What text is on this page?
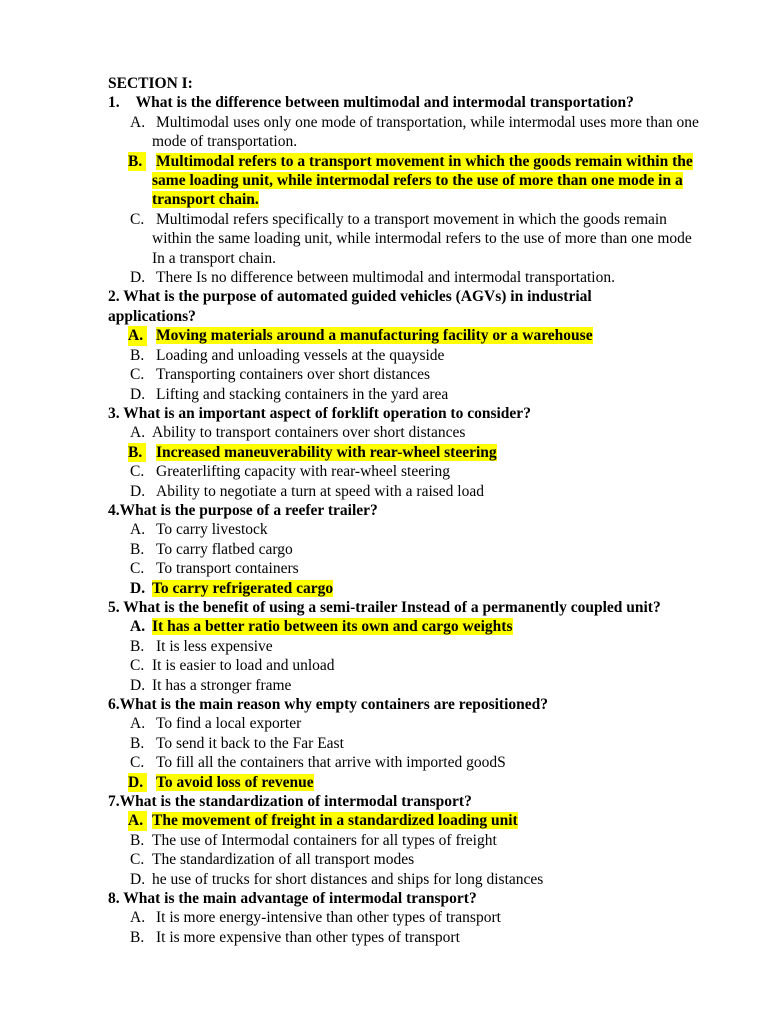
SECTION I:
1. What is the difference between multimodal and intermodal transportation?
A. Multimodal uses only one mode of transportation, while intermodal uses more than one mode of transportation.
B. Multimodal refers to a transport movement in which the goods remain within the same loading unit, while intermodal refers to the use of more than one mode in a transport chain.
C. Multimodal refers specifically to a transport movement in which the goods remain within the same loading unit, while intermodal refers to the use of more than one mode In a transport chain.
D. There Is no difference between multimodal and intermodal transportation.
2. What is the purpose of automated guided vehicles (AGVs) in industrial applications?
A. Moving materials around a manufacturing facility or a warehouse
B. Loading and unloading vessels at the quayside
C. Transporting containers over short distances
D. Lifting and stacking containers in the yard area
3. What is an important aspect of forklift operation to consider?
A. Ability to transport containers over short distances
B. Increased maneuverability with rear-wheel steering
C. Greaterlifting capacity with rear-wheel steering
D. Ability to negotiate a turn at speed with a raised load
4.What is the purpose of a reefer trailer?
A. To carry livestock
B. To carry flatbed cargo
C. To transport containers
D. To carry refrigerated cargo
5. What is the benefit of using a semi-trailer Instead of a permanently coupled unit?
A. It has a better ratio between its own and cargo weights
B. It is less expensive
C. It is easier to load and unload
D. It has a stronger frame
6.What is the main reason why empty containers are repositioned?
A. To find a local exporter
B. To send it back to the Far East
C. To fill all the containers that arrive with imported goodS
D. To avoid loss of revenue
7.What is the standardization of intermodal transport?
A. The movement of freight in a standardized loading unit
B. The use of Intermodal containers for all types of freight
C. The standardization of all transport modes
D. he use of trucks for short distances and ships for long distances
8. What is the main advantage of intermodal transport?
A. It is more energy-intensive than other types of transport
B. It is more expensive than other types of transport
